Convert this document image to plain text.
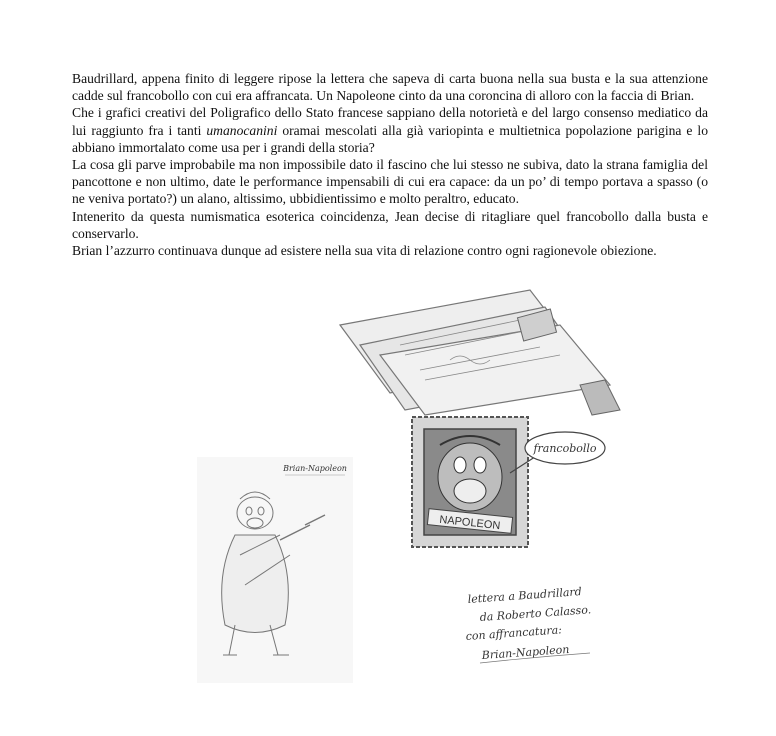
Baudrillard, appena finito di leggere ripose la lettera che sapeva di carta buona nella sua busta e la sua attenzione cadde sul francobollo con cui era affrancata. Un Napoleone cinto da una coroncina di alloro con la faccia di Brian.

Che i grafici creativi del Poligrafico dello Stato francese sappiano della notorietà e del largo consenso mediatico da lui raggiunto fra i tanti umanocanini oramai mescolati alla già variopinta e multietnica popolazione parigina e lo abbiano immortalato come usa per i grandi della storia?

La cosa gli parve improbabile ma non impossibile dato il fascino che lui stesso ne subiva, dato la strana famiglia del pancottone e non ultimo, date le performance impensabili di cui era capace: da un po’ di tempo portava a spasso (o ne veniva portato?) un alano, altissimo, ubbidientissimo e molto peraltro, educato.

Intenerito da questa numismatica esoterica coincidenza, Jean decise di ritagliare quel francobollo dalla busta e conservarlo.

Brian l’azzurro continuava dunque ad esistere nella sua vita di relazione contro ogni ragionevole obiezione.

NAPOLEON
francobollo
Brian-Napoleon
lettera a Baudrillard
da Roberto Calasso.
con affrancatura:
Brian-Napoleon
